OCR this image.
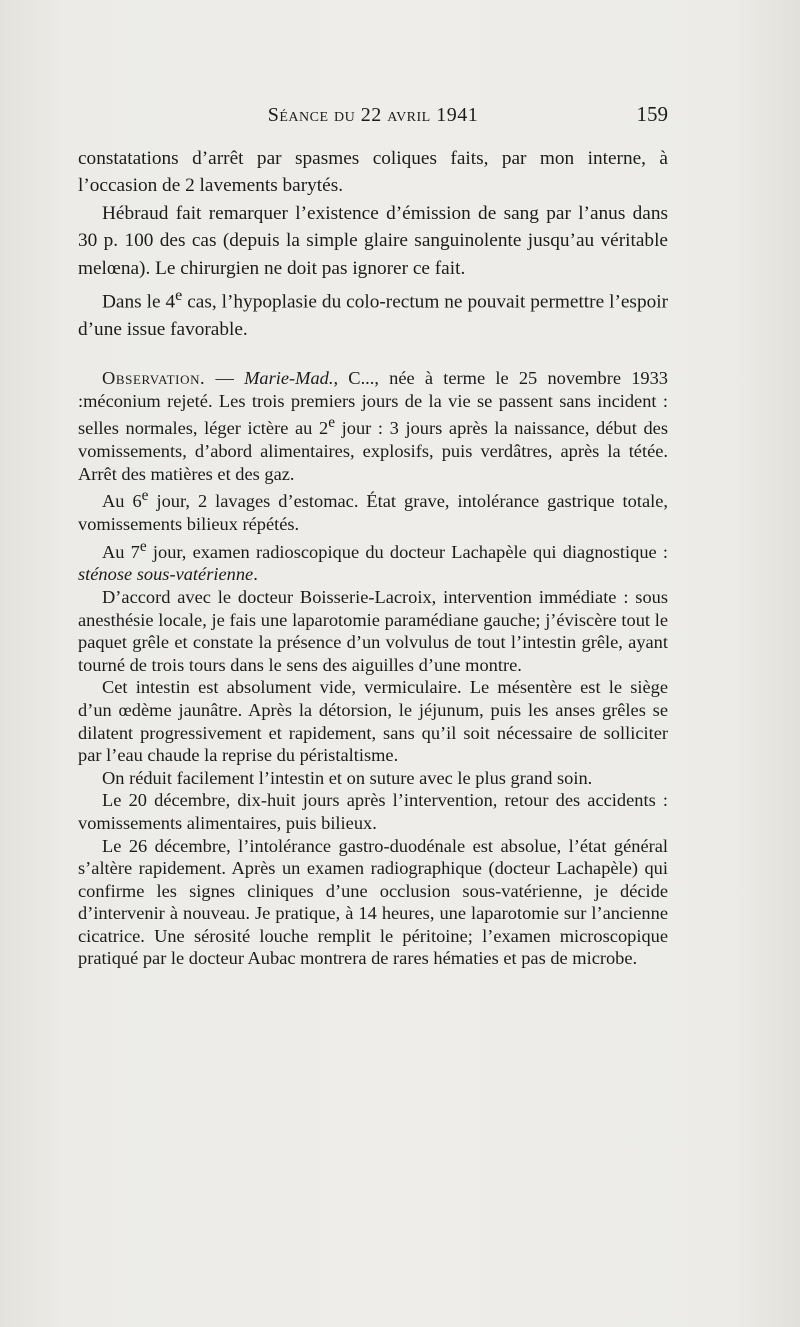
Séance du 22 avril 1941	159

constatations d’arrêt par spasmes coliques faits, par mon interne, à l’occasion de 2 lavements barytés.

Hébraud fait remarquer l’existence d’émission de sang par l’anus dans 30 p. 100 des cas (depuis la simple glaire sanguinolente jusqu’au véritable melœna). Le chirurgien ne doit pas ignorer ce fait.

Dans le 4e cas, l’hypoplasie du colo-rectum ne pouvait permettre l’espoir d’une issue favorable.

Observation. — Marie-Mad., C..., née à terme le 25 novembre 1933 :méconium rejeté. Les trois premiers jours de la vie se passent sans incident : selles normales, léger ictère au 2e jour : 3 jours après la naissance, début des vomissements, d’abord alimentaires, explosifs, puis verdâtres, après la tétée. Arrêt des matières et des gaz.

Au 6e jour, 2 lavages d’estomac. État grave, intolérance gastrique totale, vomissements bilieux répétés.

Au 7e jour, examen radioscopique du docteur Lachapèle qui diagnostique : sténose sous-vatérienne.

D’accord avec le docteur Boisserie-Lacroix, intervention immédiate : sous anesthésie locale, je fais une laparotomie paramédiane gauche; j’éviscère tout le paquet grêle et constate la présence d’un volvulus de tout l’intestin grêle, ayant tourné de trois tours dans le sens des aiguilles d’une montre.

Cet intestin est absolument vide, vermiculaire. Le mésentère est le siège d’un œdème jaunâtre. Après la détorsion, le jéjunum, puis les anses grêles se dilatent progressivement et rapidement, sans qu’il soit nécessaire de solliciter par l’eau chaude la reprise du péristaltisme.

On réduit facilement l’intestin et on suture avec le plus grand soin.

Le 20 décembre, dix-huit jours après l’intervention, retour des accidents : vomissements alimentaires, puis bilieux.

Le 26 décembre, l’intolérance gastro-duodénale est absolue, l’état général s’altère rapidement. Après un examen radiographique (docteur Lachapèle) qui confirme les signes cliniques d’une occlusion sous-vatérienne, je décide d’intervenir à nouveau. Je pratique, à 14 heures, une laparotomie sur l’ancienne cicatrice. Une sérosité louche remplit le péritoine; l’examen microscopique pratiqué par le docteur Aubac montrera de rares hématies et pas de microbe.
